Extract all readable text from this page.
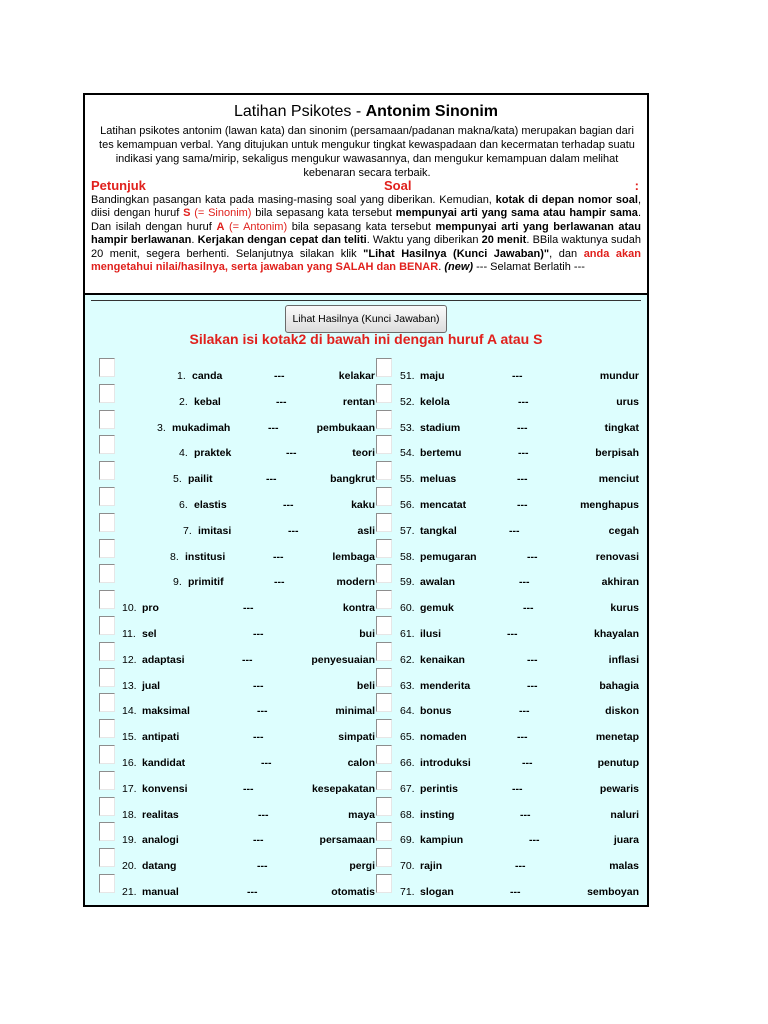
Latihan Psikotes - Antonim Sinonim
Latihan psikotes antonim (lawan kata) dan sinonim (persamaan/padanan makna/kata) merupakan bagian dari tes kemampuan verbal. Yang ditujukan untuk mengukur tingkat kewaspadaan dan kecermatan terhadap suatu indikasi yang sama/mirip, sekaligus mengukur wawasannya, dan mengukur kemampuan dalam melihat kebenaran secara terbaik.
Petunjuk	Soal	:
Bandingkan pasangan kata pada masing-masing soal yang diberikan. Kemudian, kotak di depan nomor soal, diisi dengan huruf S (= Sinonim) bila sepasang kata tersebut mempunyai arti yang sama atau hampir sama. Dan isilah dengan huruf A (= Antonim) bila sepasang kata tersebut mempunyai arti yang berlawanan atau hampir berlawanan. Kerjakan dengan cepat dan teliti. Waktu yang diberikan 20 menit. BBila waktunya sudah 20 menit, segera berhenti. Selanjutnya silakan klik "Lihat Hasilnya (Kunci Jawaban)", dan anda akan mengetahui nilai/hasilnya, serta jawaban yang SALAH dan BENAR. (new) --- Selamat Berlatih ---
Lihat Hasilnya (Kunci Jawaban)
Silakan isi kotak2 di bawah ini dengan huruf A atau S
1. canda	---	kelakar
2. kebal	---	rentan
3. mukadimah	---	pembukaan
4. praktek	---	teori
5. pailit	---	bangkrut
6. elastis	---	kaku
7. imitasi	---	asli
8. institusi	---	lembaga
9. primitif	---	modern
10. pro	---	kontra
11. sel	---	bui
12. adaptasi	---	penyesuaian
13. jual	---	beli
14. maksimal	---	minimal
15. antipati	---	simpati
16. kandidat	---	calon
17. konvensi	---	kesepakatan
18. realitas	---	maya
19. analogi	---	persamaan
20. datang	---	pergi
21. manual	---	otomatis
51. maju	---	mundur
52. kelola	---	urus
53. stadium	---	tingkat
54. bertemu	---	berpisah
55. meluas	---	menciut
56. mencatat	---	menghapus
57. tangkal	---	cegah
58. pemugaran	---	renovasi
59. awalan	---	akhiran
60. gemuk	---	kurus
61. ilusi	---	khayalan
62. kenaikan	---	inflasi
63. menderita	---	bahagia
64. bonus	---	diskon
65. nomaden	---	menetap
66. introduksi	---	penutup
67. perintis	---	pewaris
68. insting	---	naluri
69. kampiun	---	juara
70. rajin	---	malas
71. slogan	---	semboyan
